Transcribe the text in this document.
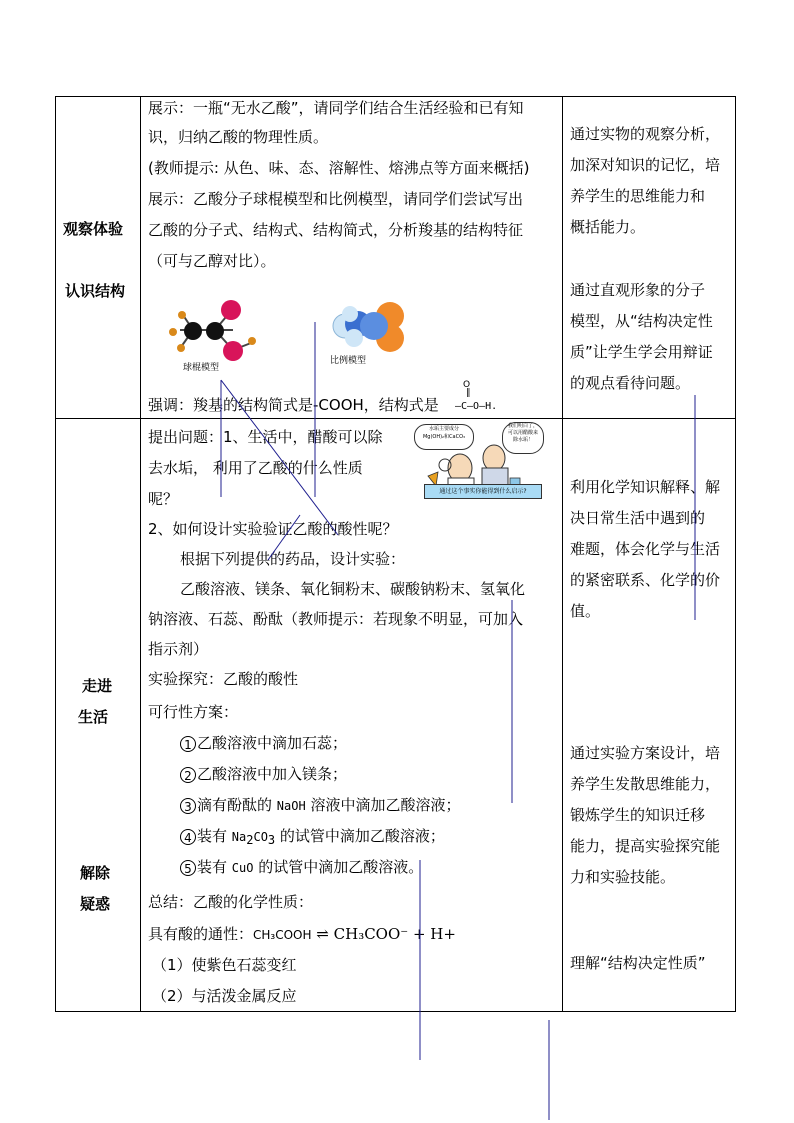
观察体验
认识结构
展示：一瓶“无水乙酸”，请同学们结合生活经验和已有知
识，归纳乙酸的物理性质。
(教师提示: 从色、味、态、溶解性、熔沸点等方面来概括)
展示：乙酸分子球棍模型和比例模型，请同学们尝试写出
乙酸的分子式、结构式、结构简式，分析羧基的结构特征
（可与乙醇对比）。
球棍模型
比例模型
强调：羧基的结构简式是-COOH，结构式是
O
‖
–C–O–H.
通过实物的观察分析，
加深对知识的记忆，培
养学生的思维能力和
概括能力。
通过直观形象的分子
模型，从“结构决定性
质”让学生学会用辩证
的观点看待问题。
走进
生活
解除
疑惑
提出问题：1、生活中，醋酸可以除
去水垢， 利用了乙酸的什么性质
呢？
水垢主要成分
Mg(OH)₂和CaCO₃
我们明白了，
可以用醋酸来
除水垢！
通过这个事实你能得到什么启示?
2、如何设计实验验证乙酸的酸性呢？
根据下列提供的药品，设计实验：
乙酸溶液、镁条、氧化铜粉末、碳酸钠粉末、氢氧化
钠溶液、石蕊、酚酞（教师提示：若现象不明显，可加入
指示剂）
实验探究：乙酸的酸性
可行性方案：
1 乙酸溶液中滴加石蕊；
2 乙酸溶液中加入镁条；
3 滴有酚酞的 NaOH 溶液中滴加乙酸溶液；
4 装有 $Na_2CO_3$ 的试管中滴加乙酸溶液；
5 装有 CuO 的试管中滴加乙酸溶液。
总结：乙酸的化学性质：
具有酸的通性：CH₃COOH ⇌ CH₃COO⁻ + H+
（1）使紫色石蕊变红
（2）与活泼金属反应
利用化学知识解释、解
决日常生活中遇到的
难题，体会化学与生活
的紧密联系、化学的价
值。
通过实验方案设计，培
养学生发散思维能力，
锻炼学生的知识迁移
能力，提高实验探究能
力和实验技能。
理解“结构决定性质”
